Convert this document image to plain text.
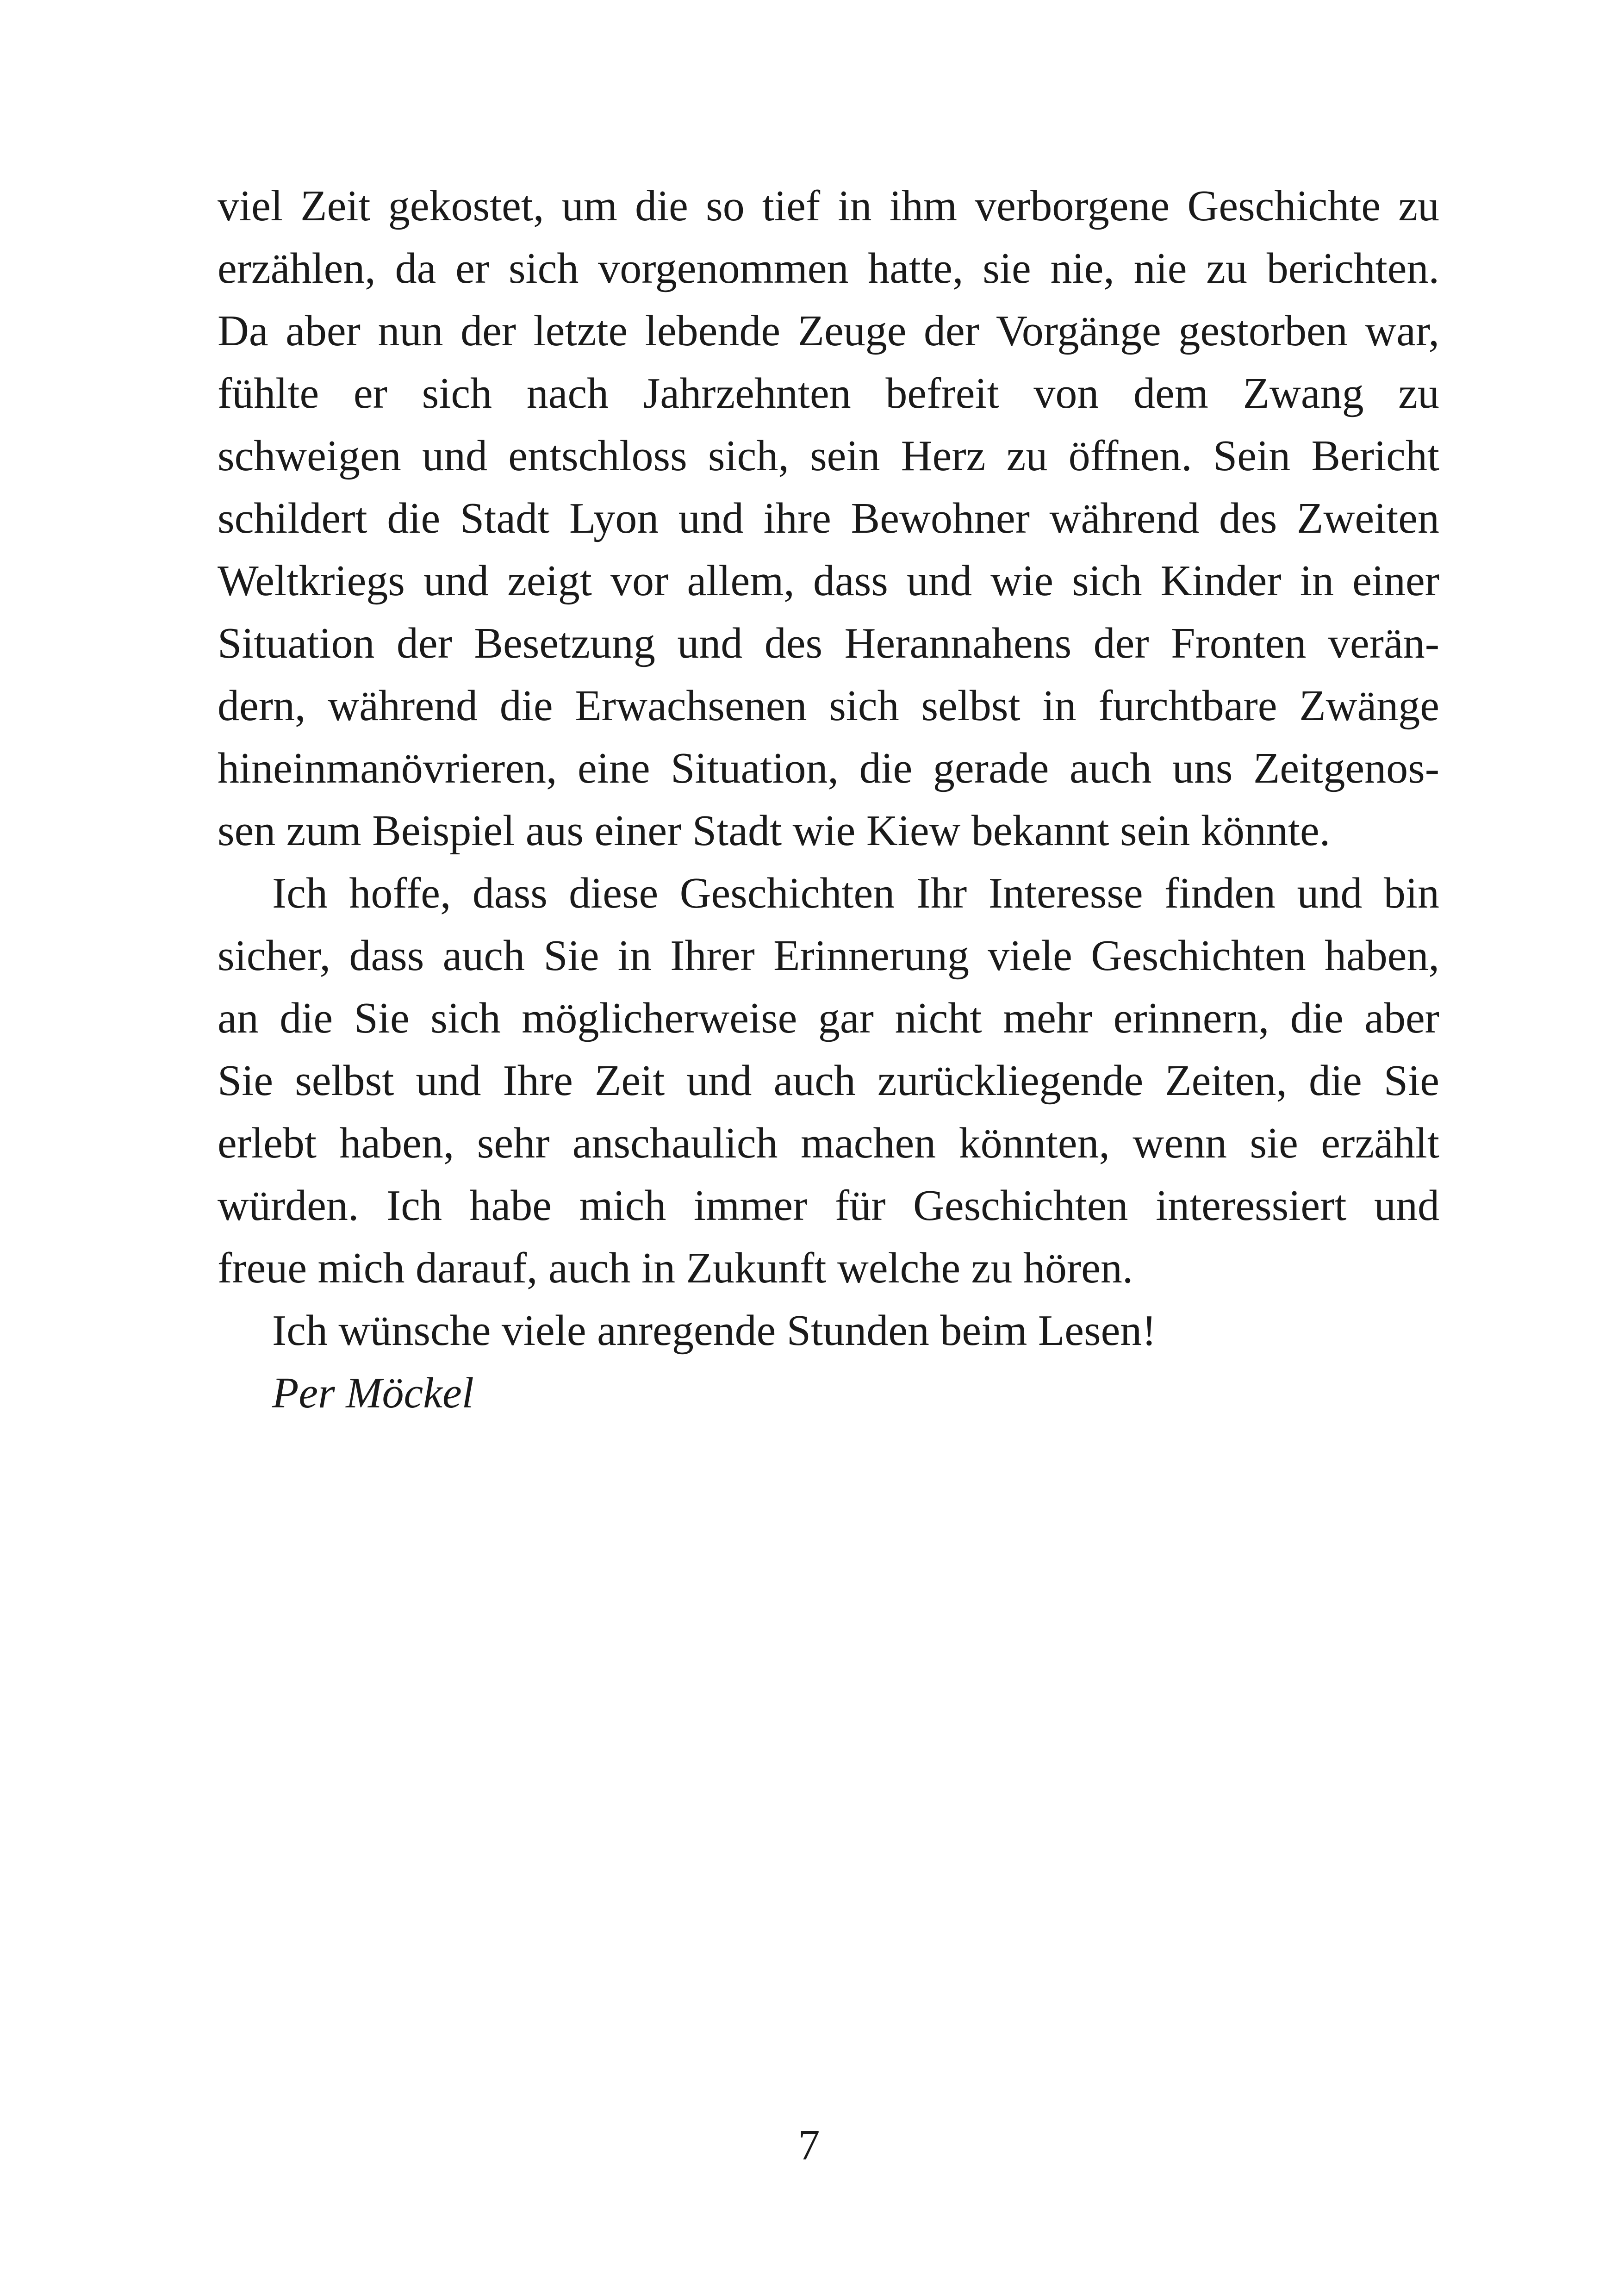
viel Zeit gekostet, um die so tief in ihm verborgene Geschichte zu
erzählen, da er sich vorgenommen hatte, sie nie, nie zu berichten.
Da aber nun der letzte lebende Zeuge der Vorgänge gestorben war,
fühlte er sich nach Jahrzehnten befreit von dem Zwang zu
schweigen und entschloss sich, sein Herz zu öffnen. Sein Bericht
schildert die Stadt Lyon und ihre Bewohner während des Zweiten
Weltkriegs und zeigt vor allem, dass und wie sich Kinder in einer
Situation der Besetzung und des Herannahens der Fronten verän-
dern, während die Erwachsenen sich selbst in furchtbare Zwänge
hineinmanövrieren, eine Situation, die gerade auch uns Zeitgenos-
sen zum Beispiel aus einer Stadt wie Kiew bekannt sein könnte.
Ich hoffe, dass diese Geschichten Ihr Interesse finden und bin
sicher, dass auch Sie in Ihrer Erinnerung viele Geschichten haben,
an die Sie sich möglicherweise gar nicht mehr erinnern, die aber
Sie selbst und Ihre Zeit und auch zurückliegende Zeiten, die Sie
erlebt haben, sehr anschaulich machen könnten, wenn sie erzählt
würden. Ich habe mich immer für Geschichten interessiert und
freue mich darauf, auch in Zukunft welche zu hören.
Ich wünsche viele anregende Stunden beim Lesen!
Per Möckel
7
